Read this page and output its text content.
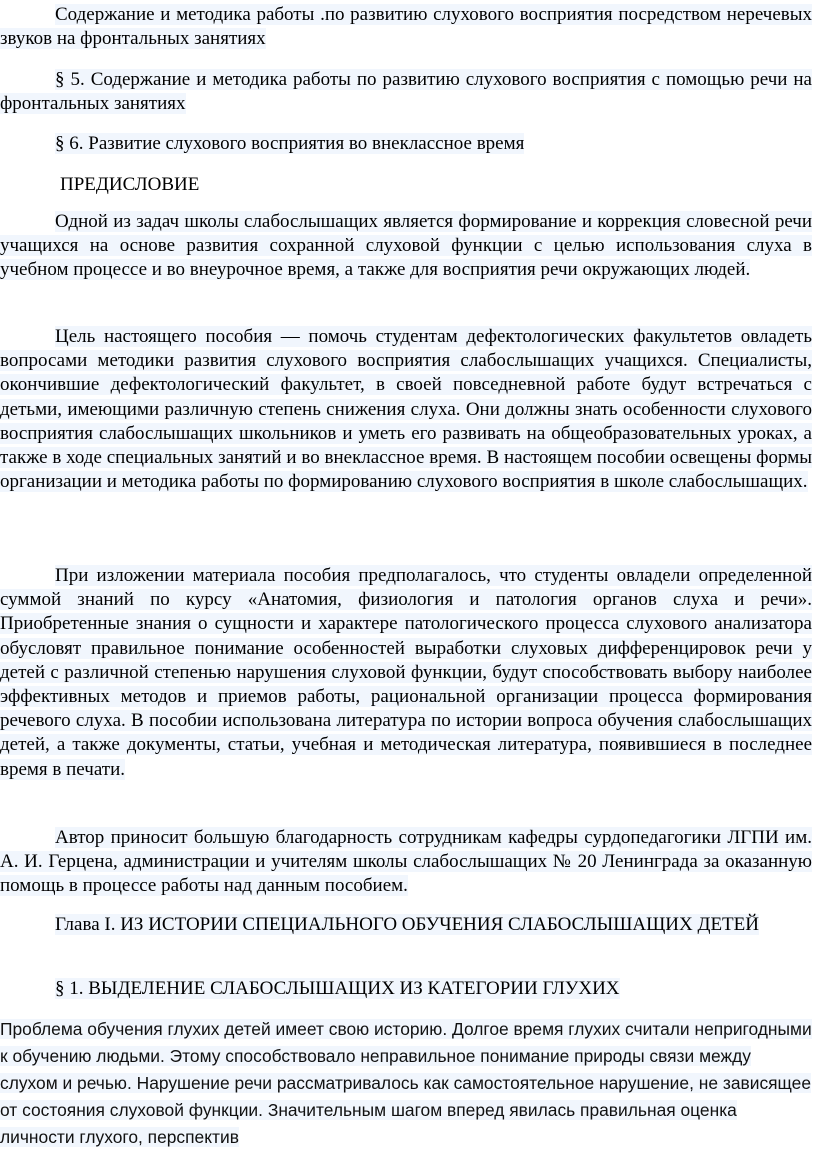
Содержание и методика работы .по развитию слухового восприятия посредством неречевых звуков на фронтальных занятиях

§ 5. Содержание и методика работы по развитию слухового восприятия с помощью речи на фронтальных занятиях

§ 6. Развитие слухового восприятия во внеклассное время

ПРЕДИСЛОВИЕ

Одной из задач школы слабослышащих является формирование и коррекция словесной речи учащихся на основе развития сохранной слуховой функции с целью использования слуха в учебном процессе и во внеурочное время, а также для восприятия речи окружающих людей.

Цель настоящего пособия — помочь студентам дефектологических факультетов овладеть вопросами методики развития слухового восприятия слабослышащих учащихся. Специалисты, окончившие дефектологический факультет, в своей повседневной работе будут встречаться с детьми, имеющими различную степень снижения слуха. Они должны знать особенности слухового восприятия слабослышащих школьников и уметь его развивать на общеобразовательных уроках, а также в ходе специальных занятий и во внеклассное время. В настоящем пособии освещены формы организации и методика работы по формированию слухового восприятия в школе слабослышащих.

При изложении материала пособия предполагалось, что студенты овладели определенной суммой знаний по курсу «Анатомия, физиология и патология органов слуха и речи». Приобретенные знания о сущности и характере патологического процесса слухового анализатора обусловят правильное понимание особенностей выработки слуховых дифференцировок речи у детей с различной степенью нарушения слуховой функции, будут способствовать выбору наиболее эффективных методов и приемов работы, рациональной организации процесса формирования речевого слуха. В пособии использована литература по истории вопроса обучения слабослышащих детей, а также документы, статьи, учебная и методическая литература, появившиеся в последнее время в печати.

Автор приносит большую благодарность сотрудникам кафедры сурдопедагогики ЛГПИ им. А. И. Герцена, администрации и учителям школы слабослышащих № 20 Ленинграда за оказанную помощь в процессе работы над данным пособием.

Глава I. ИЗ ИСТОРИИ СПЕЦИАЛЬНОГО ОБУЧЕНИЯ СЛАБОСЛЫШАЩИХ ДЕТЕЙ

§ 1. ВЫДЕЛЕНИЕ СЛАБОСЛЫШАЩИХ ИЗ КАТЕГОРИИ ГЛУХИХ

Проблема обучения глухих детей имеет свою историю. Долгое время глухих считали непригодными к обучению людьми. Этому способствовало неправильное понимание природы связи между слухом и речью. Нарушение речи рассматривалось как самостоятельное нарушение, не зависящее от состояния слуховой функции. Значительным шагом вперед явилась правильная оценка личности глухого, перспектив
